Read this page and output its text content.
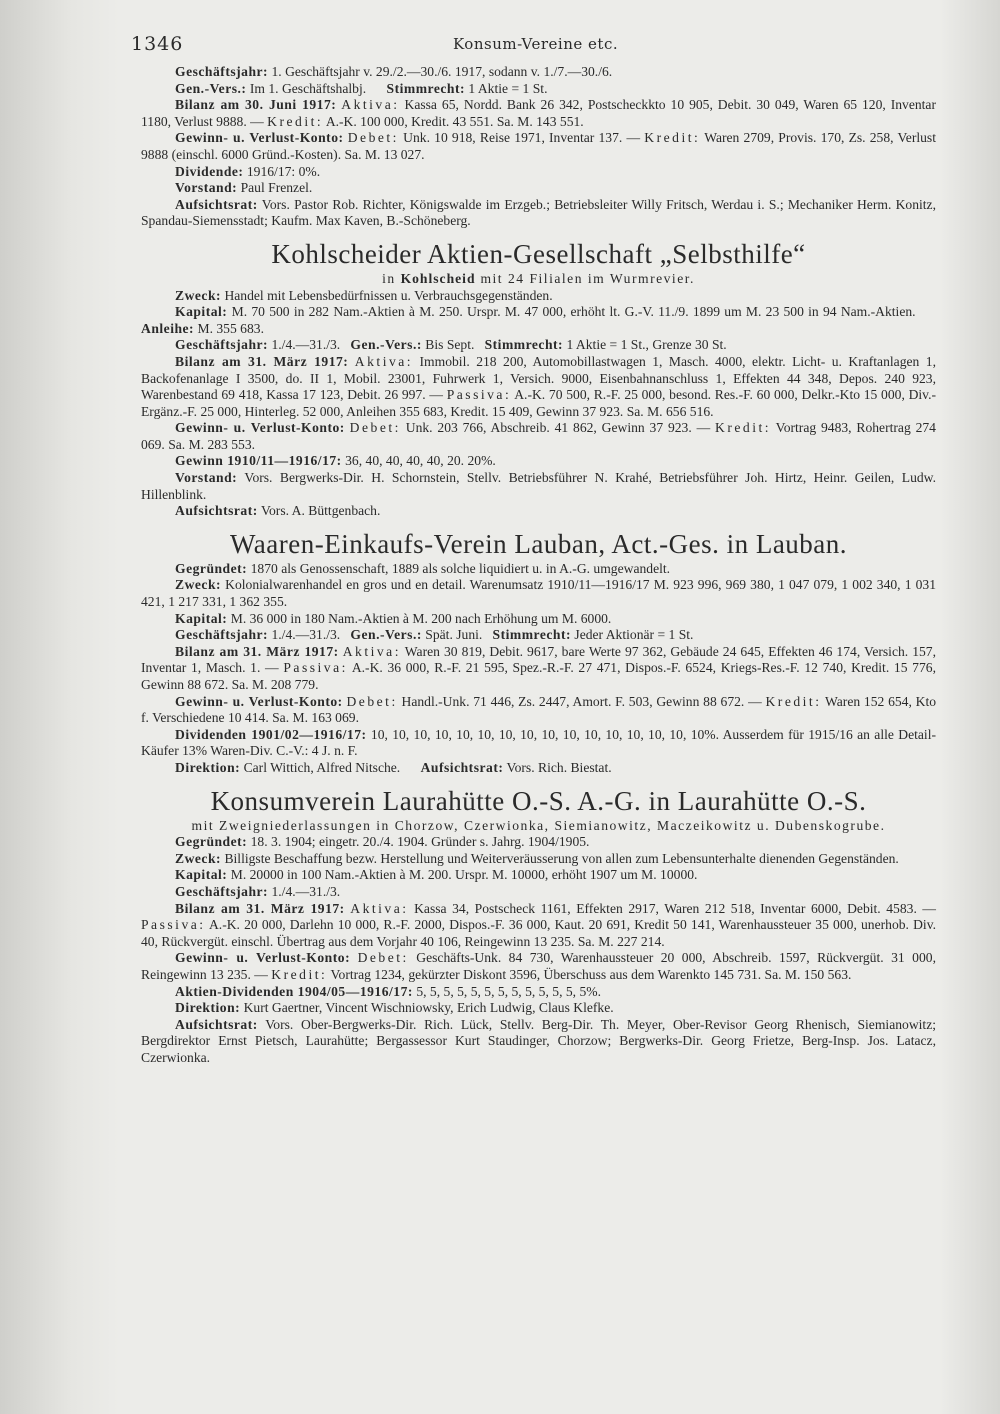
1346	Konsum-Vereine etc.

Geschäftsjahr: 1. Geschäftsjahr v. 29./2.—30./6. 1917, sodann v. 1./7.—30./6.

Gen.-Vers.: Im 1. Geschäftshalbj. Stimmrecht: 1 Aktie = 1 St.

Bilanz am 30. Juni 1917: Aktiva: Kassa 65, Nordd. Bank 26 342, Postscheckkto 10 905, Debit. 30 049, Waren 65 120, Inventar 1180, Verlust 9888. — Kredit: A.-K. 100 000, Kredit. 43 551. Sa. M. 143 551.

Gewinn- u. Verlust-Konto: Debet: Unk. 10 918, Reise 1971, Inventar 137. — Kredit: Waren 2709, Provis. 170, Zs. 258, Verlust 9888 (einschl. 6000 Gründ.-Kosten). Sa. M. 13 027.

Dividende: 1916/17: 0%.

Vorstand: Paul Frenzel.

Aufsichtsrat: Vors. Pastor Rob. Richter, Königswalde im Erzgeb.; Betriebsleiter Willy Fritsch, Werdau i. S.; Mechaniker Herm. Konitz, Spandau-Siemensstadt; Kaufm. Max Kaven, B.-Schöneberg.

Kohlscheider Aktien-Gesellschaft „Selbsthilfe“

in Kohlscheid mit 24 Filialen im Wurmrevier.

Zweck: Handel mit Lebensbedürfnissen u. Verbrauchsgegenständen.

Kapital: M. 70 500 in 282 Nam.-Aktien à M. 250. Urspr. M. 47 000, erhöht lt. G.-V. 11./9. 1899 um M. 23 500 in 94 Nam.-Aktien.      Anleihe: M. 355 683.

Geschäftsjahr: 1./4.—31./3. Gen.-Vers.: Bis Sept. Stimmrecht: 1 Aktie = 1 St., Grenze 30 St.

Bilanz am 31. März 1917: Aktiva: Immobil. 218 200, Automobillastwagen 1, Masch. 4000, elektr. Licht- u. Kraftanlagen 1, Backofenanlage I 3500, do. II 1, Mobil. 23001, Fuhrwerk 1, Versich. 9000, Eisenbahnanschluss 1, Effekten 44 348, Depos. 240 923, Warenbestand 69 418, Kassa 17 123, Debit. 26 997. — Passiva: A.-K. 70 500, R.-F. 25 000, besond. Res.-F. 60 000, Delkr.-Kto 15 000, Div.-Ergänz.-F. 25 000, Hinterleg. 52 000, Anleihen 355 683, Kredit. 15 409, Gewinn 37 923. Sa. M. 656 516.

Gewinn- u. Verlust-Konto: Debet: Unk. 203 766, Abschreib. 41 862, Gewinn 37 923. — Kredit: Vortrag 9483, Rohertrag 274 069. Sa. M. 283 553.

Gewinn 1910/11—1916/17: 36, 40, 40, 40, 40, 20. 20%.

Vorstand: Vors. Bergwerks-Dir. H. Schornstein, Stellv. Betriebsführer N. Krahé, Betriebsführer Joh. Hirtz, Heinr. Geilen, Ludw. Hillenblink.

Aufsichtsrat: Vors. A. Büttgenbach.

Waaren-Einkaufs-Verein Lauban, Act.-Ges. in Lauban.

Gegründet: 1870 als Genossenschaft, 1889 als solche liquidiert u. in A.-G. umgewandelt.

Zweck: Kolonialwarenhandel en gros und en detail. Warenumsatz 1910/11—1916/17 M. 923 996, 969 380, 1 047 079, 1 002 340, 1 031 421, 1 217 331, 1 362 355.

Kapital: M. 36 000 in 180 Nam.-Aktien à M. 200 nach Erhöhung um M. 6000.

Geschäftsjahr: 1./4.—31./3. Gen.-Vers.: Spät. Juni. Stimmrecht: Jeder Aktionär = 1 St.

Bilanz am 31. März 1917: Aktiva: Waren 30 819, Debit. 9617, bare Werte 97 362, Gebäude 24 645, Effekten 46 174, Versich. 157, Inventar 1, Masch. 1. — Passiva: A.-K. 36 000, R.-F. 21 595, Spez.-R.-F. 27 471, Dispos.-F. 6524, Kriegs-Res.-F. 12 740, Kredit. 15 776, Gewinn 88 672. Sa. M. 208 779.

Gewinn- u. Verlust-Konto: Debet: Handl.-Unk. 71 446, Zs. 2447, Amort. F. 503, Gewinn 88 672. — Kredit: Waren 152 654, Kto f. Verschiedene 10 414. Sa. M. 163 069.

Dividenden 1901/02—1916/17: 10, 10, 10, 10, 10, 10, 10, 10, 10, 10, 10, 10, 10, 10, 10, 10%. Ausserdem für 1915/16 an alle Detail-Käufer 13% Waren-Div. C.-V.: 4 J. n. F.

Direktion: Carl Wittich, Alfred Nitsche. Aufsichtsrat: Vors. Rich. Biestat.

Konsumverein Laurahütte O.-S. A.-G. in Laurahütte O.-S.

mit Zweigniederlassungen in Chorzow, Czerwionka, Siemianowitz, Maczeikowitz u. Dubenskogrube.

Gegründet: 18. 3. 1904; eingetr. 20./4. 1904. Gründer s. Jahrg. 1904/1905.

Zweck: Billigste Beschaffung bezw. Herstellung und Weiterveräusserung von allen zum Lebensunterhalte dienenden Gegenständen.

Kapital: M. 20000 in 100 Nam.-Aktien à M. 200. Urspr. M. 10000, erhöht 1907 um M. 10000.

Geschäftsjahr: 1./4.—31./3.

Bilanz am 31. März 1917: Aktiva: Kassa 34, Postscheck 1161, Effekten 2917, Waren 212 518, Inventar 6000, Debit. 4583. — Passiva: A.-K. 20 000, Darlehn 10 000, R.-F. 2000, Dispos.-F. 36 000, Kaut. 20 691, Kredit 50 141, Warenhaussteuer 35 000, unerhob. Div. 40, Rückvergüt. einschl. Übertrag aus dem Vorjahr 40 106, Reingewinn 13 235. Sa. M. 227 214.

Gewinn- u. Verlust-Konto: Debet: Geschäfts-Unk. 84 730, Warenhaussteuer 20 000, Abschreib. 1597, Rückvergüt. 31 000, Reingewinn 13 235. — Kredit: Vortrag 1234, gekürzter Diskont 3596, Überschuss aus dem Warenkto 145 731. Sa. M. 150 563.

Aktien-Dividenden 1904/05—1916/17: 5, 5, 5, 5, 5, 5, 5, 5, 5, 5, 5, 5, 5%.

Direktion: Kurt Gaertner, Vincent Wischniowsky, Erich Ludwig, Claus Klefke.

Aufsichtsrat: Vors. Ober-Bergwerks-Dir. Rich. Lück, Stellv. Berg-Dir. Th. Meyer, Ober-Revisor Georg Rhenisch, Siemianowitz; Bergdirektor Ernst Pietsch, Laurahütte; Bergassessor Kurt Staudinger, Chorzow; Bergwerks-Dir. Georg Frietze, Berg-Insp. Jos. Latacz, Czerwionka.
